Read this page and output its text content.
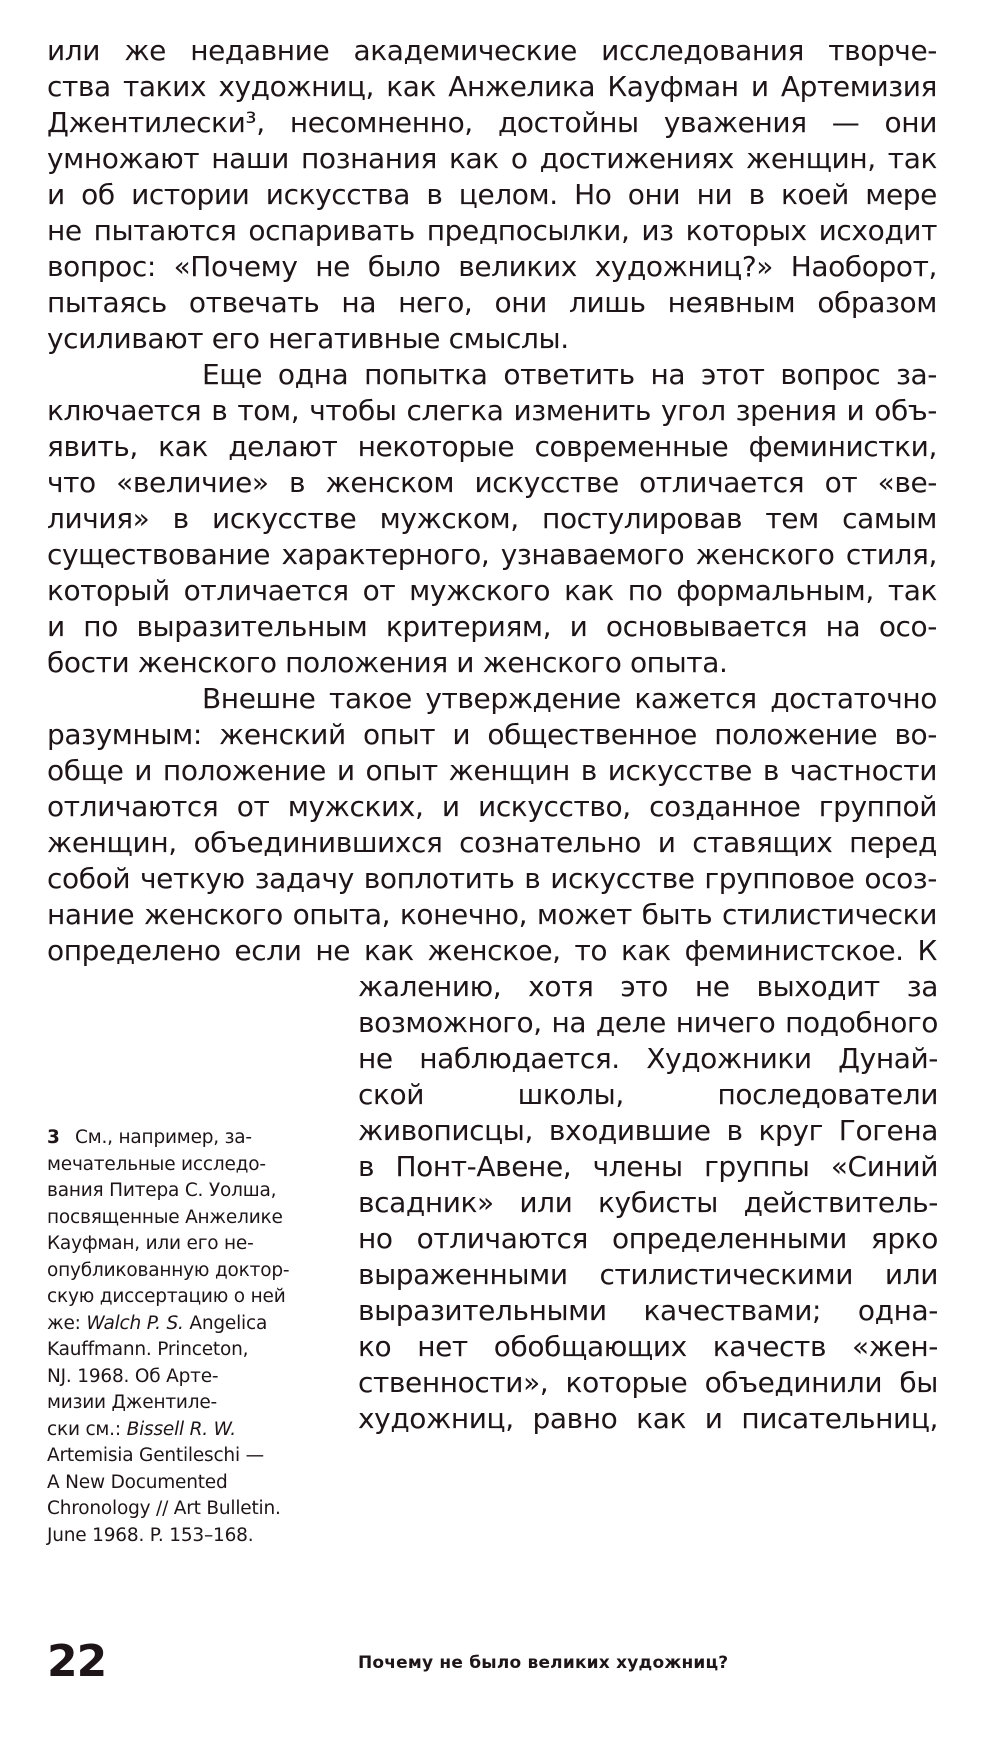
или же недавние академические исследования творче-
ства таких художниц, как Анжелика Кауфман и Артемизия
Джентилески³, несомненно, достойны уважения — они
умножают наши познания как о достижениях женщин, так
и об истории искусства в целом. Но они ни в коей мере
не пытаются оспаривать предпосылки, из которых исходит
вопрос: «Почему не было великих художниц?» Наоборот,
пытаясь отвечать на него, они лишь неявным образом
усиливают его негативные смыслы.
Еще одна попытка ответить на этот вопрос за-
ключается в том, чтобы слегка изменить угол зрения и объ-
явить, как делают некоторые современные феминистки,
что «величие» в женском искусстве отличается от «ве-
личия» в искусстве мужском, постулировав тем самым
существование характерного, узнаваемого женского стиля,
который отличается от мужского как по формальным, так
и по выразительным критериям, и основывается на осо-
бости женского положения и женского опыта.
Внешне такое утверждение кажется достаточно
разумным: женский опыт и общественное положение во-
обще и положение и опыт женщин в искусстве в частности
отличаются от мужских, и искусство, созданное группой
женщин, объединившихся сознательно и ставящих перед
собой четкую задачу воплотить в искусстве групповое осоз-
нание женского опыта, конечно, может быть стилистически
определено если не как женское, то как феминистское. К
жалению, хотя это не выходит за
возможного, на деле ничего подобного
не наблюдается. Художники Дунай-
ской школы, последователи
живописцы, входившие в круг Гогена
в Понт-Авене, члены группы «Синий
всадник» или кубисты действитель-
но отличаются определенными ярко
выраженными стилистическими или
выразительными качествами; одна-
ко нет обобщающих качеств «жен-
ственности», которые объединили бы
художниц, равно как и писательниц,
3 См., например, за-
мечательные исследо-
вания Питера С. Уолша,
посвященные Анжелике
Кауфман, или его не-
опубликованную доктор-
скую диссертацию о ней
же: Walch P. S. Angelica
Kauffmann. Princeton,
NJ. 1968. Об Арте-
мизии Джентиле-
ски см.: Bissell R. W.
Artemisia Gentileschi —
A New Documented
Chronology // Art Bulletin.
June 1968. P. 153–168.
22	Почему не было великих художниц?
